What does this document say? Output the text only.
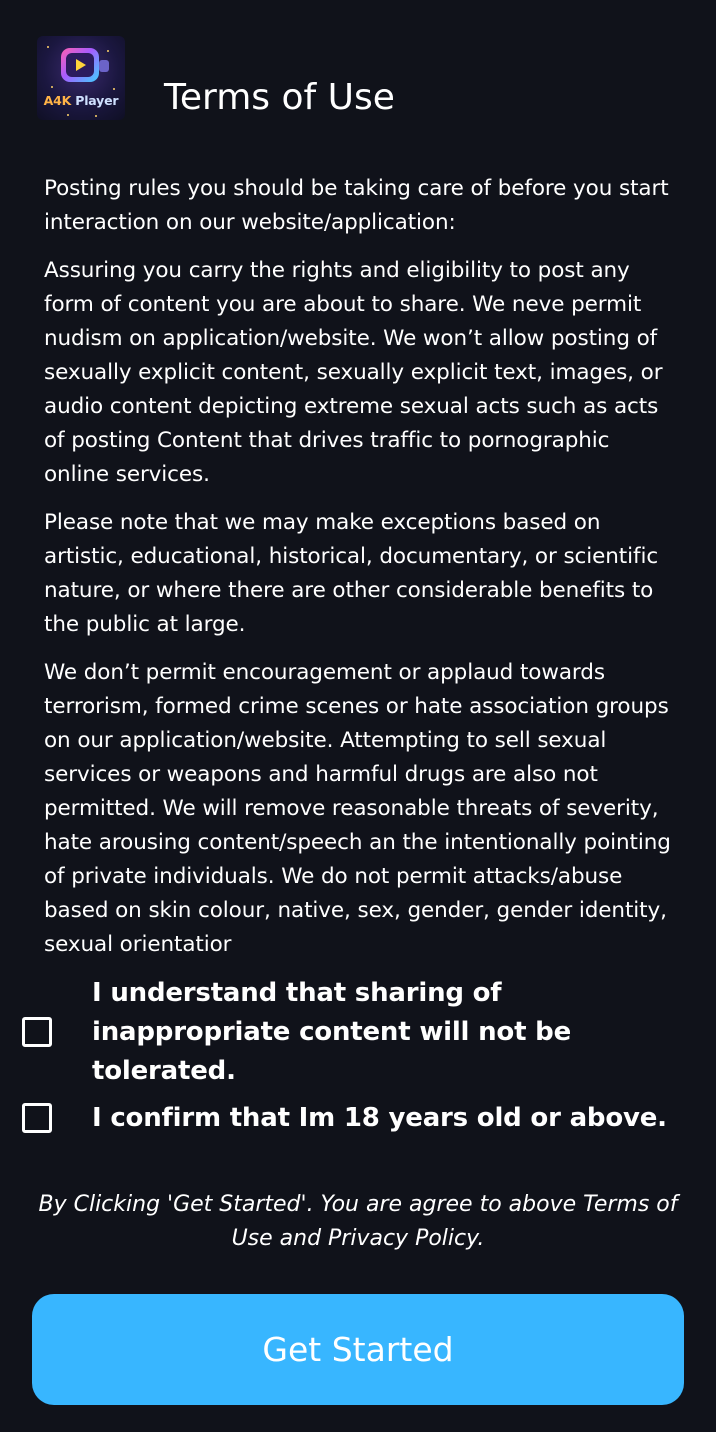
A4K Player Terms of Use

Posting rules you should be taking care of before you start interaction on our website/application:

Assuring you carry the rights and eligibility to post any form of content you are about to share. We neve permit nudism on application/website. We won’t allow posting of sexually explicit content, sexually explicit text, images, or audio content depicting extreme sexual acts such as acts of posting Content that drives traffic to pornographic online services.

Please note that we may make exceptions based on artistic, educational, historical, documentary, or scientific nature, or where there are other considerable benefits to the public at large.

We don’t permit encouragement or applaud towards terrorism, formed crime scenes or hate association groups on our application/website. Attempting to sell sexual services or weapons and harmful drugs are also not permitted. We will remove reasonable threats of severity, hate arousing content/speech an the intentionally pointing of private individuals. We do not permit attacks/abuse based on skin colour, native, sex, gender, gender identity, sexual orientatior

I understand that sharing of inappropriate content will not be tolerated.
I confirm that Im 18 years old or above.
By Clicking 'Get Started'. You are agree to above Terms of Use and Privacy Policy.
Get Started
